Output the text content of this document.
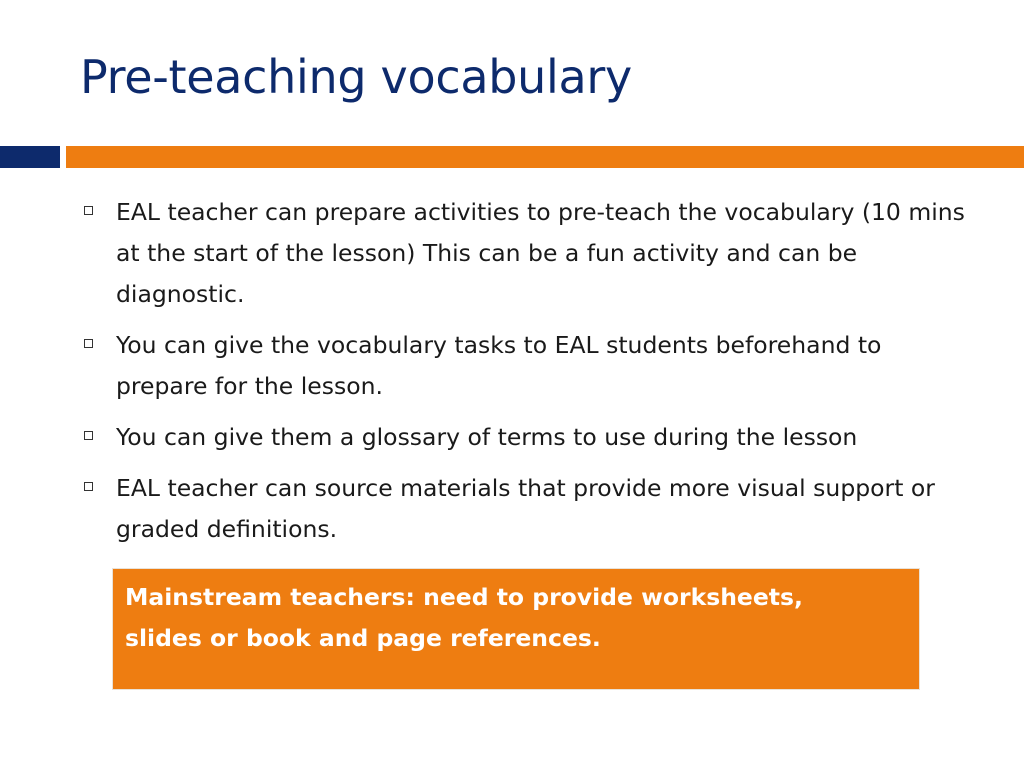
Pre-teaching vocabulary
EAL teacher can prepare activities to pre-teach the vocabulary (10 mins at the start of the lesson) This can be a fun activity and can be diagnostic.
You can give the vocabulary tasks to EAL students beforehand to prepare for the lesson.
You can give them a glossary of terms to use during the lesson
EAL teacher can source materials that provide more visual support or graded definitions.

Mainstream teachers: need to provide worksheets, slides or book and page references.
